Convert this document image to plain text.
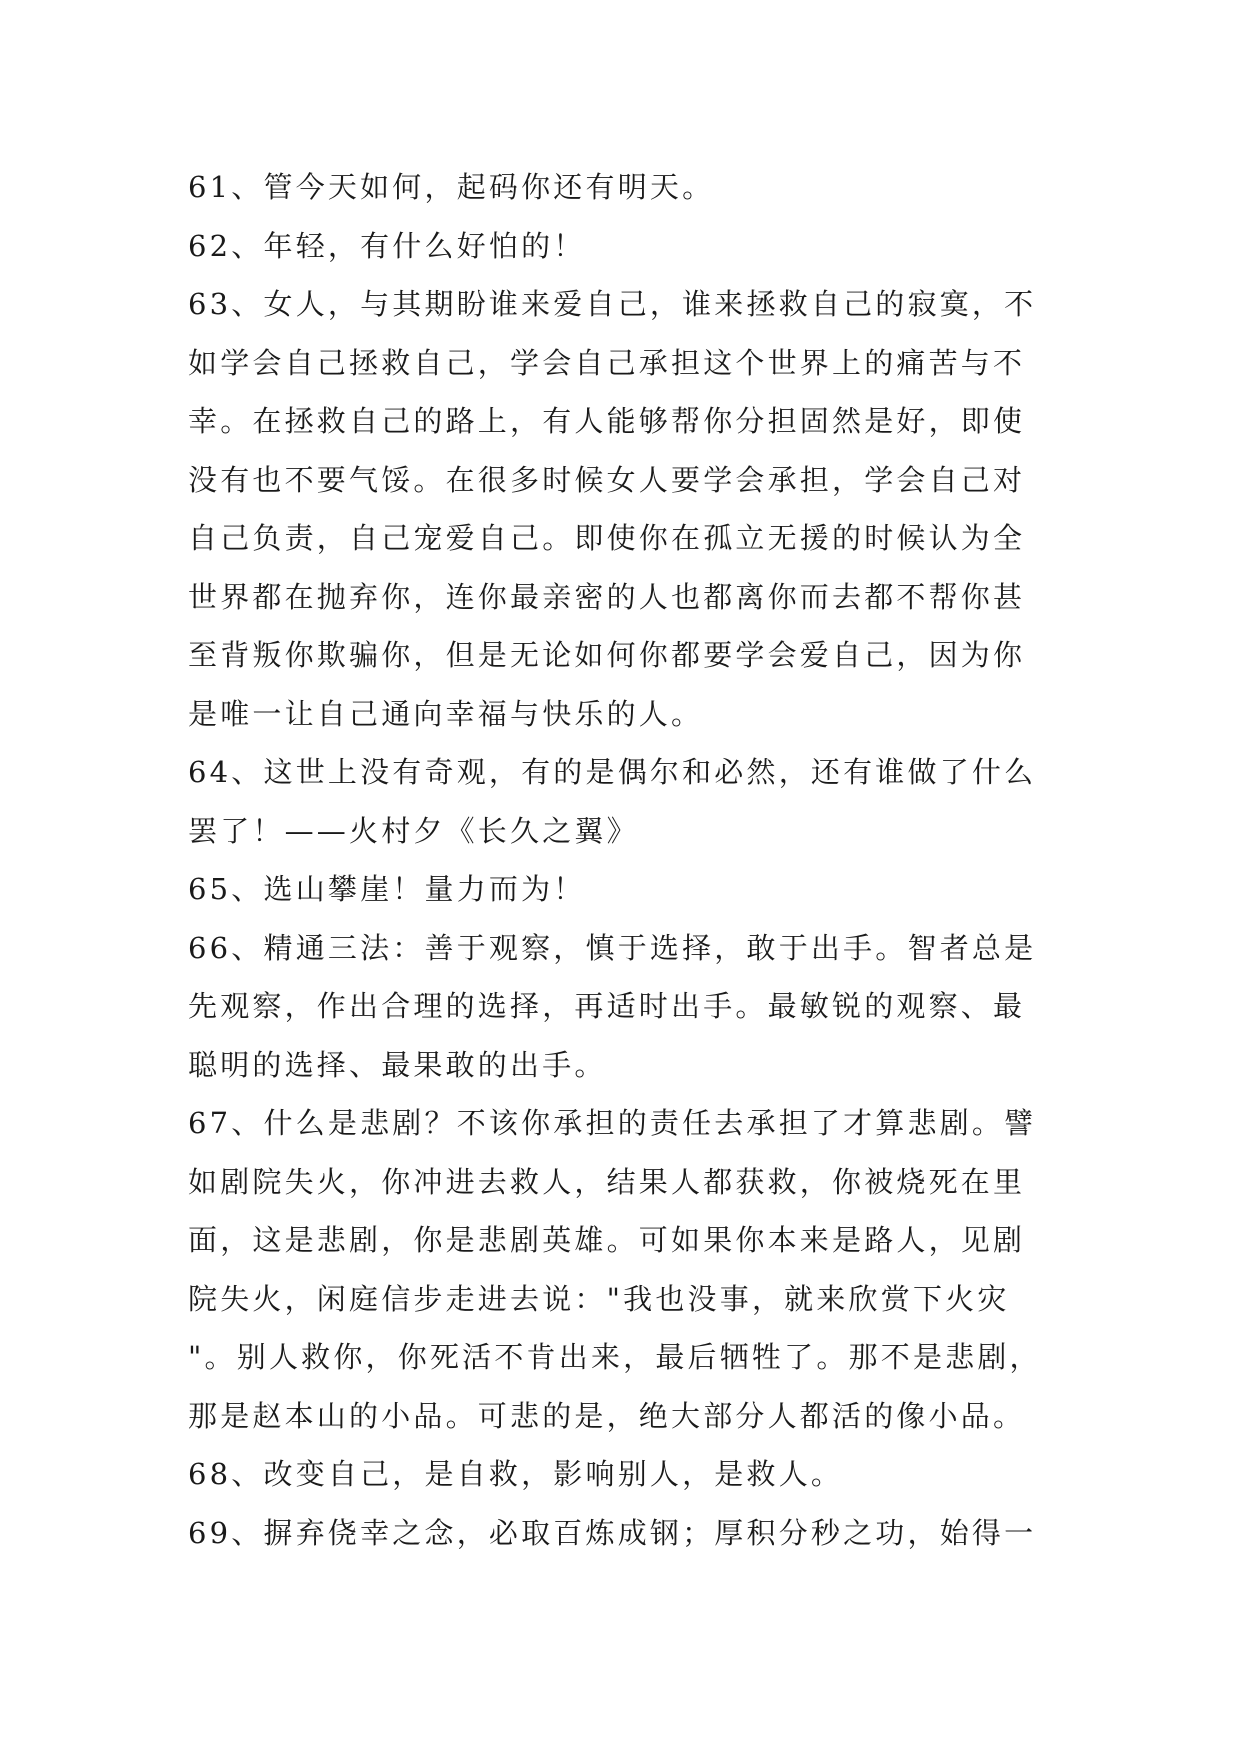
61、管今天如何，起码你还有明天。
62、年轻，有什么好怕的！
63、女人，与其期盼谁来爱自己，谁来拯救自己的寂寞，不
如学会自己拯救自己，学会自己承担这个世界上的痛苦与不
幸。在拯救自己的路上，有人能够帮你分担固然是好，即使
没有也不要气馁。在很多时候女人要学会承担，学会自己对
自己负责，自己宠爱自己。即使你在孤立无援的时候认为全
世界都在抛弃你，连你最亲密的人也都离你而去都不帮你甚
至背叛你欺骗你，但是无论如何你都要学会爱自己，因为你
是唯一让自己通向幸福与快乐的人。
64、这世上没有奇观，有的是偶尔和必然，还有谁做了什么
罢了！——火村夕《长久之翼》
65、选山攀崖！量力而为！
66、精通三法：善于观察，慎于选择，敢于出手。智者总是
先观察，作出合理的选择，再适时出手。最敏锐的观察、最
聪明的选择、最果敢的出手。
67、什么是悲剧？不该你承担的责任去承担了才算悲剧。譬
如剧院失火，你冲进去救人，结果人都获救，你被烧死在里
面，这是悲剧，你是悲剧英雄。可如果你本来是路人，见剧
院失火，闲庭信步走进去说："我也没事，就来欣赏下火灾
"。别人救你，你死活不肯出来，最后牺牲了。那不是悲剧，
那是赵本山的小品。可悲的是，绝大部分人都活的像小品。
68、改变自己，是自救，影响别人，是救人。
69、摒弃侥幸之念，必取百炼成钢；厚积分秒之功，始得一
